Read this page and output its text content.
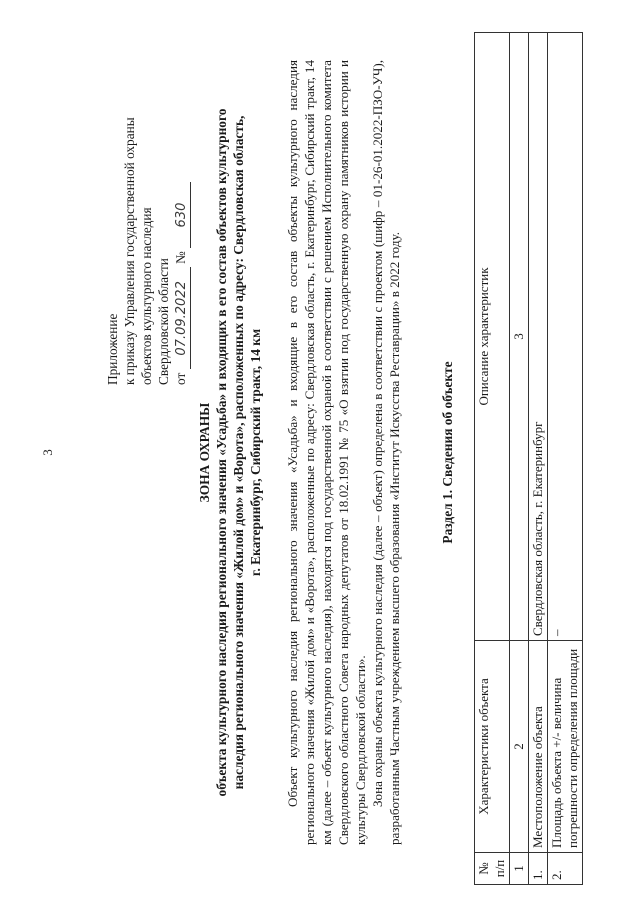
3
Приложение к приказу Управления государственной охраны объектов культурного наследия Свердловской области от 07.09.2022 № 630
ЗОНА ОХРАНЫ объекта культурного наследия регионального значения «Усадьба» и входящих в его состав объектов культурного наследия регионального значения «Жилой дом» и «Ворота», расположенных по адресу: Свердловская область, г. Екатеринбург, Сибирский тракт, 14 км Объект культурного наследия регионального значения «Усадьба» и входящие в его состав объекты культурного наследия регионального значения «Жилой дом» и «Ворота», расположенные по адресу: Свердловская область, г. Екатеринбург, Сибирский тракт, 14 км (далее – объект культурного наследия), находятся под государственной охраной в соответствии с решением Исполнительного комитета Свердловского областного Совета народных депутатов от 18.02.1991 № 75 «О взятии под государственную охрану памятников истории и культуры Свердловской области». Зона охраны объекта культурного наследия (далее – объект) определена в соответствии с проектом (шифр – 01-26-01.2022-ПЗО-УЧ), разработанным Частным учреждением высшего образования «Институт Искусства Реставрации» в 2022 году.	Раздел 1. Сведения об объекте
№ п/п	Характеристики объекта	Описание характеристик
1	2	3
1.	Местоположение объекта	Свердловская область, г. Екатеринбург
2.	Площадь объекта +/- величина погрешности определения площади	–
